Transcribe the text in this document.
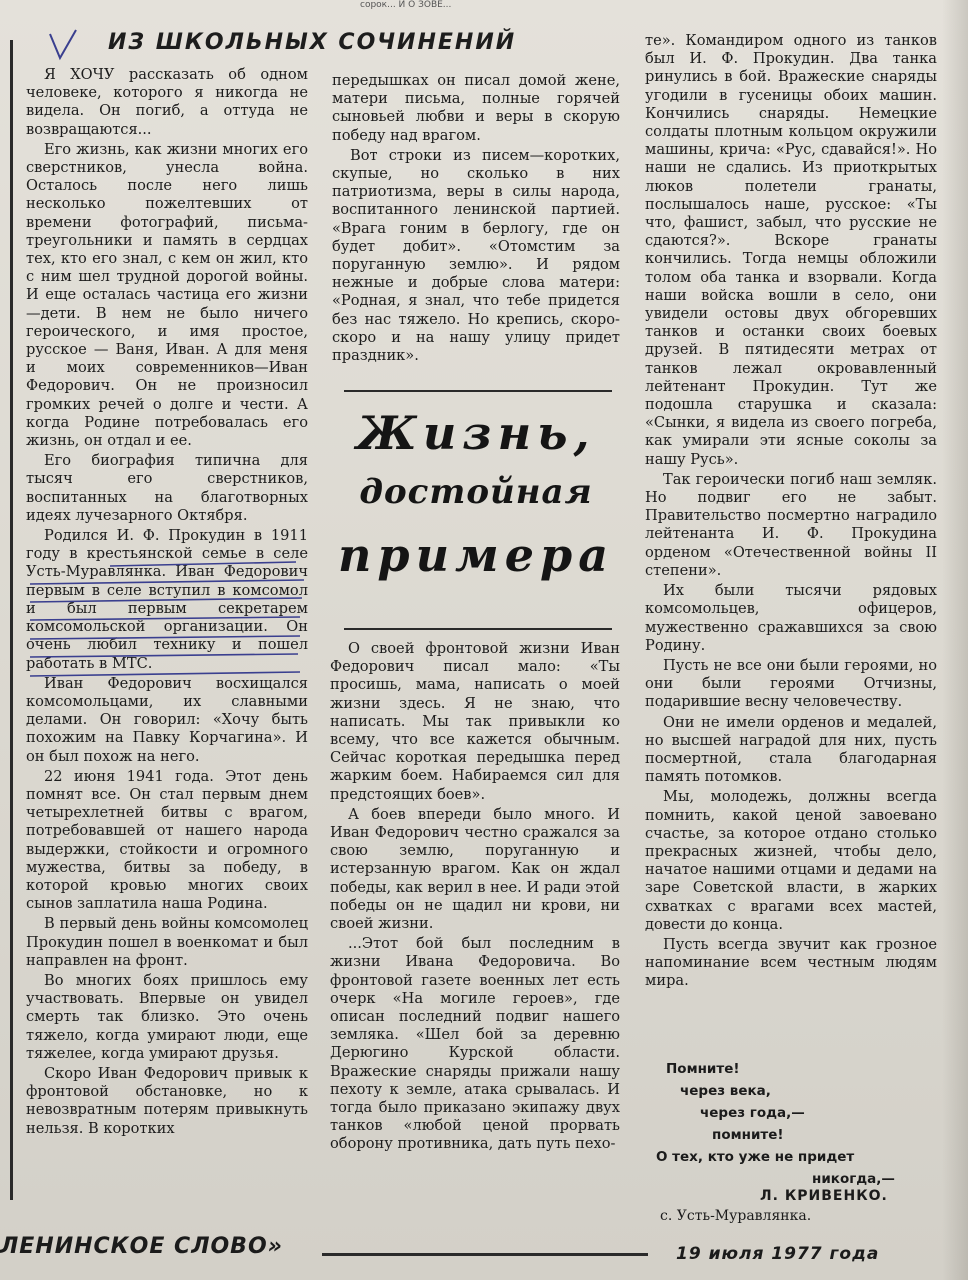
сорок... И О ЗОВЕ...
ИЗ ШКОЛЬНЫХ СОЧИНЕНИЙ

Я ХОЧУ рассказать об одном человеке, которого я никогда не видела. Он погиб, а оттуда не возвращаются...

Его жизнь, как жизни многих его сверстников, унесла война. Осталось после него лишь несколько пожелтевших от времени фотографий, письма-треугольники и память в сердцах тех, кто его знал, с кем он жил, кто с ним шел трудной дорогой войны. И еще осталась частица его жизни—дети. В нем не было ничего героического, и имя простое, русское — Ваня, Иван. А для меня и моих современников—Иван Федорович. Он не произносил громких речей о долге и чести. А когда Родине потребовалась его жизнь, он отдал и ее.

Его биография типична для тысяч его сверстников, воспитанных на благотворных идеях лучезарного Октября.

Родился И. Ф. Прокудин в 1911 году в крестьянской семье в селе Усть-Муравлянка. Иван Федорович первым в селе вступил в комсомол и был первым секретарем комсомольской организации. Он очень любил технику и пошел работать в МТС.

Иван Федорович восхищался комсомольцами, их славными делами. Он говорил: «Хочу быть похожим на Павку Корчагина». И он был похож на него.

22 июня 1941 года. Этот день помнят все. Он стал первым днем четырехлетней битвы с врагом, потребовавшей от нашего народа выдержки, стойкости и огромного мужества, битвы за победу, в которой кровью многих своих сынов заплатила наша Родина.

В первый день войны комсомолец Прокудин пошел в военкомат и был направлен на фронт.

Во многих боях пришлось ему участвовать. Впервые он увидел смерть так близко. Это очень тяжело, когда умирают люди, еще тяжелее, когда умирают друзья.

Скоро Иван Федорович привык к фронтовой обстановке, но к невозвратным потерям привыкнуть нельзя. В коротких

передышках он писал домой жене, матери письма, полные горячей сыновьей любви и веры в скорую победу над врагом.

Вот строки из писем—коротких, скупые, но сколько в них патриотизма, веры в силы народа, воспитанного ленинской партией. «Врага гоним в берлогу, где он будет добит». «Отомстим за поруганную землю». И рядом нежные и добрые слова матери: «Родная, я знал, что тебе придется без нас тяжело. Но крепись, скоро-скоро и на нашу улицу придет праздник».

Жизнь,
достойная
примера

О своей фронтовой жизни Иван Федорович писал мало: «Ты просишь, мама, написать о моей жизни здесь. Я не знаю, что написать. Мы так привыкли ко всему, что все кажется обычным. Сейчас короткая передышка перед жарким боем. Набираемся сил для предстоящих боев».

А боев впереди было много. И Иван Федорович честно сражался за свою землю, поруганную и истерзанную врагом. Как он ждал победы, как верил в нее. И ради этой победы он не щадил ни крови, ни своей жизни.

...Этот бой был последним в жизни Ивана Федоровича. Во фронтовой газете военных лет есть очерк «На могиле героев», где описан последний подвиг нашего земляка. «Шел бой за деревню Дерюгино Курской области. Вражеские снаряды прижали нашу пехоту к земле, атака срывалась. И тогда было приказано экипажу двух танков «любой ценой прорвать оборону противника, дать путь пехо-

те». Командиром одного из танков был И. Ф. Прокудин. Два танка ринулись в бой. Вражеские снаряды угодили в гусеницы обоих машин. Кончились снаряды. Немецкие солдаты плотным кольцом окружили машины, крича: «Рус, сдавайся!». Но наши не сдались. Из приоткрытых люков полетели гранаты, послышалось наше, русское: «Ты что, фашист, забыл, что русские не сдаются?». Вскоре гранаты кончились. Тогда немцы обложили толом оба танка и взорвали. Когда наши войска вошли в село, они увидели остовы двух обгоревших танков и останки своих боевых друзей. В пятидесяти метрах от танков лежал окровавленный лейтенант Прокудин. Тут же подошла старушка и сказала: «Сынки, я видела из своего погреба, как умирали эти ясные соколы за нашу Русь».

Так героически погиб наш земляк. Но подвиг его не забыт. Правительство посмертно наградило лейтенанта И. Ф. Прокудина орденом «Отечественной войны II степени».

Их были тысячи рядовых комсомольцев, офицеров, мужественно сражавшихся за свою Родину.

Пусть не все они были героями, но они были героями Отчизны, подарившие весну человечеству.

Они не имели орденов и медалей, но высшей наградой для них, пусть посмертной, стала благодарная память потомков.

Мы, молодежь, должны всегда помнить, какой ценой завоевано счастье, за которое отдано столько прекрасных жизней, чтобы дело, начатое нашими отцами и дедами на заре Советской власти, в жарких схватках с врагами всех мастей, довести до конца.

Пусть всегда звучит как грозное напоминание всем честным людям мира.

Помните!
через века,
через года,—
помните!
О тех, кто уже не придет
никогда,—
Л. КРИВЕНКО.
с. Усть-Муравлянка.
ЛЕНИНСКОЕ СЛОВО»	19 июля 1977 года
